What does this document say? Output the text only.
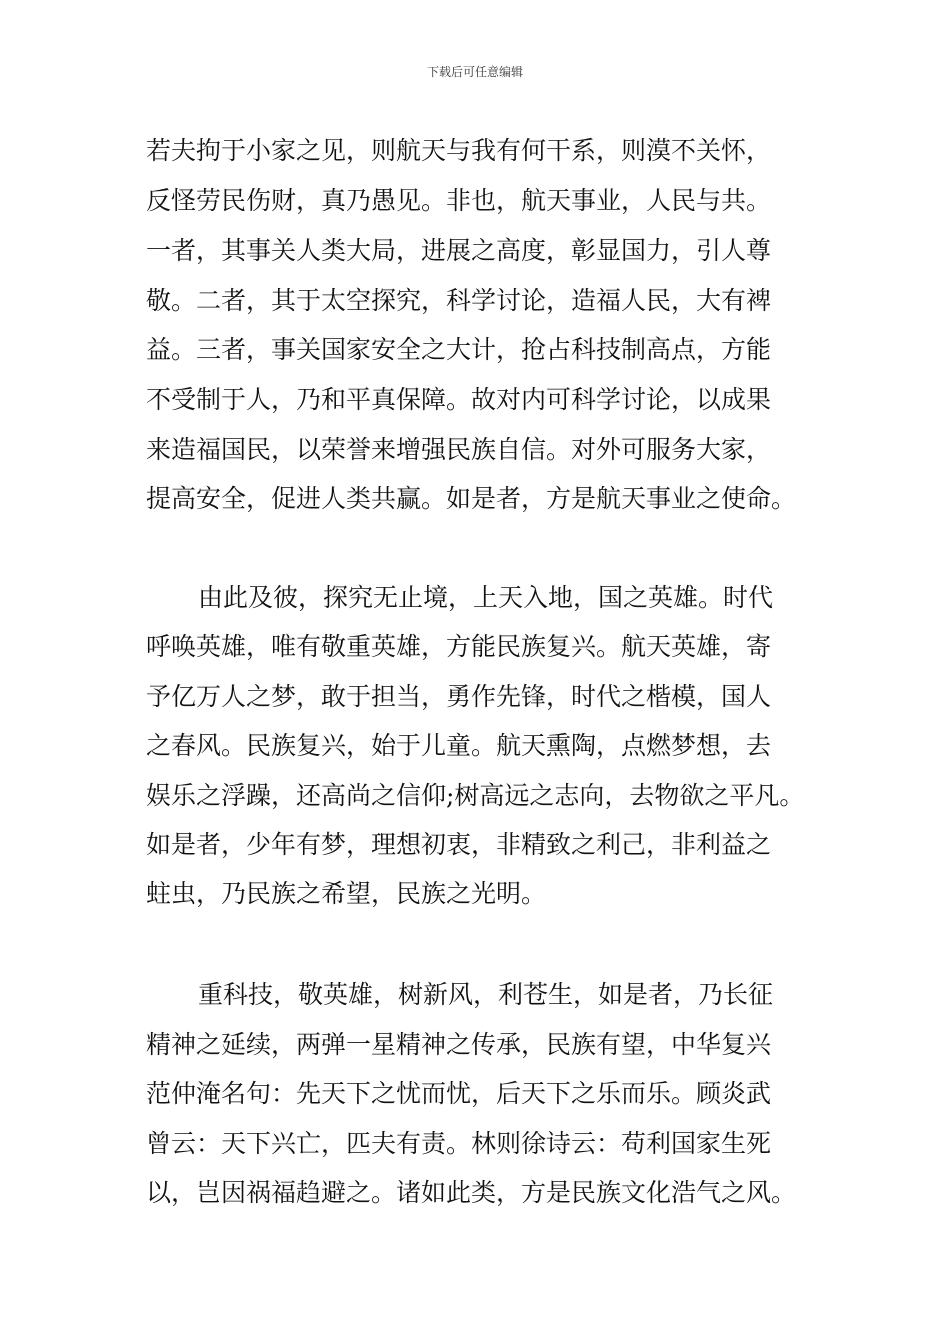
下载后可任意编辑
若夫拘于小家之见，则航天与我有何干系，则漠不关怀，
反怪劳民伤财，真乃愚见。非也，航天事业，人民与共。
一者，其事关人类大局，进展之高度，彰显国力，引人尊
敬。二者，其于太空探究，科学讨论，造福人民，大有裨
益。三者，事关国家安全之大计，抢占科技制高点，方能
不受制于人，乃和平真保障。故对内可科学讨论，以成果
来造福国民，以荣誉来增强民族自信。对外可服务大家，
提高安全，促进人类共赢。如是者，方是航天事业之使命。
由此及彼，探究无止境，上天入地，国之英雄。时代
呼唤英雄，唯有敬重英雄，方能民族复兴。航天英雄，寄
予亿万人之梦，敢于担当，勇作先锋，时代之楷模，国人
之春风。民族复兴，始于儿童。航天熏陶，点燃梦想，去
娱乐之浮躁，还高尚之信仰;树高远之志向，去物欲之平凡。
如是者，少年有梦，理想初衷，非精致之利己，非利益之
蛀虫，乃民族之希望，民族之光明。
重科技，敬英雄，树新风，利苍生，如是者，乃长征
精神之延续，两弹一星精神之传承，民族有望，中华复兴
范仲淹名句：先天下之忧而忧，后天下之乐而乐。顾炎武
曾云：天下兴亡，匹夫有责。林则徐诗云：苟利国家生死
以，岂因祸福趋避之。诸如此类，方是民族文化浩气之风。
